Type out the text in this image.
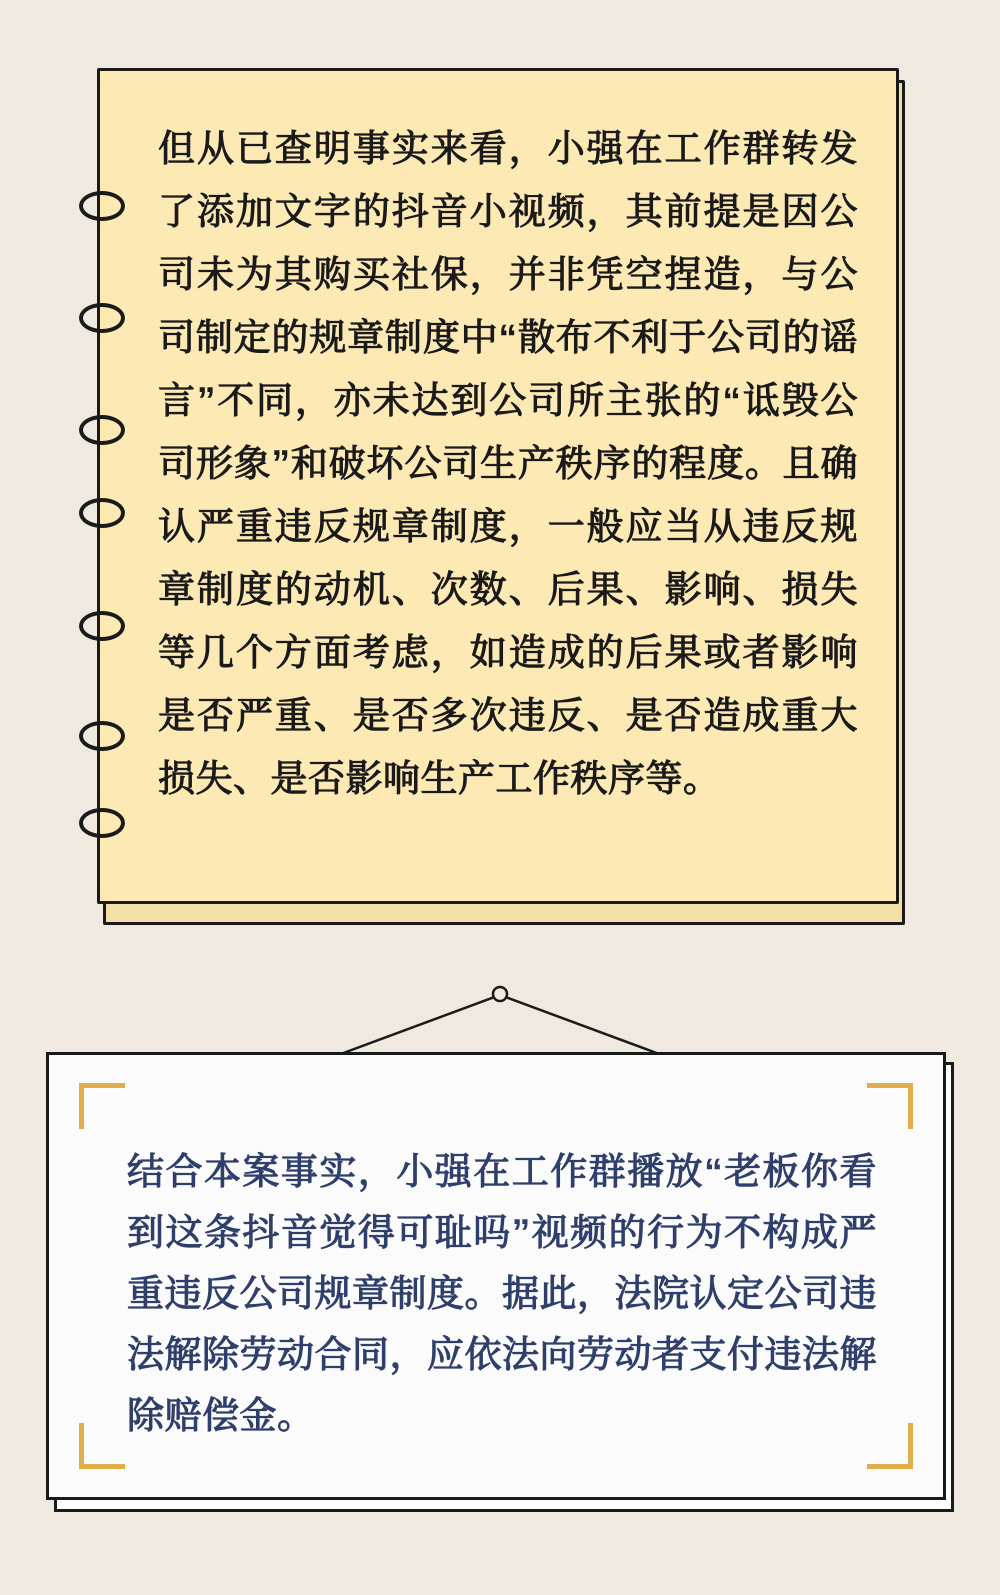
但从已查明事实来看，小强在工作群转发了添加文字的抖音小视频，其前提是因公司未为其购买社保，并非凭空捏造，与公司制定的规章制度中“散布不利于公司的谣言”不同，亦未达到公司所主张的“诋毁公司形象”和破坏公司生产秩序的程度。且确认严重违反规章制度，一般应当从违反规章制度的动机、次数、后果、影响、损失等几个方面考虑，如造成的后果或者影响是否严重、是否多次违反、是否造成重大损失、是否影响生产工作秩序等。
结合本案事实，小强在工作群播放“老板你看到这条抖音觉得可耻吗”视频的行为不构成严重违反公司规章制度。据此，法院认定公司违法解除劳动合同，应依法向劳动者支付违法解除赔偿金。
